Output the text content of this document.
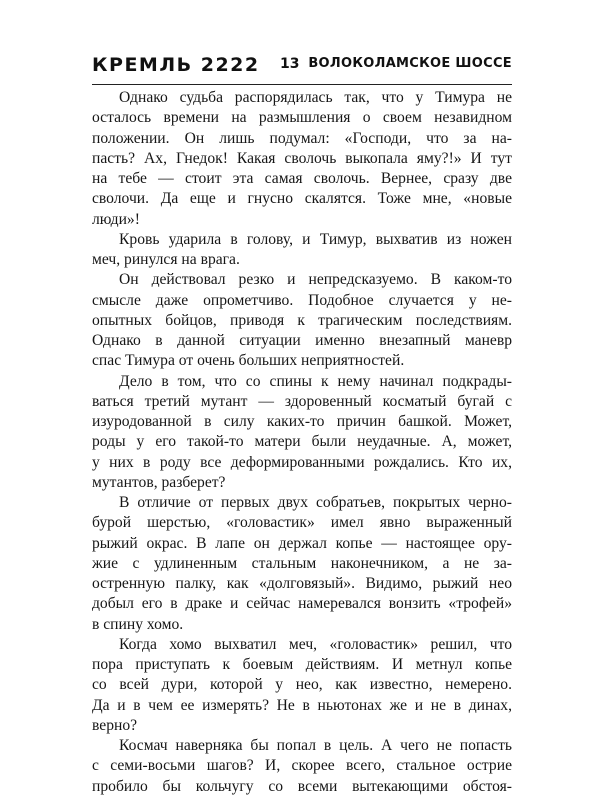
КРЕМЛЬ 2222 13 ВОЛОКОЛАМСКОЕ ШОССЕ
Однако судьба распорядилась так, что у Тимура не
осталось времени на размышления о своем незавидном
положении. Он лишь подумал: «Господи, что за на-
пасть? Ах, Гнедок! Какая сволочь выкопала яму?!» И тут
на тебе — стоит эта самая сволочь. Вернее, сразу две
сволочи. Да еще и гнусно скалятся. Тоже мне, «новые
люди»!
Кровь ударила в голову, и Тимур, выхватив из ножен
меч, ринулся на врага.
Он действовал резко и непредсказуемо. В каком-то
смысле даже опрометчиво. Подобное случается у не-
опытных бойцов, приводя к трагическим последствиям.
Однако в данной ситуации именно внезапный маневр
спас Тимура от очень больших неприятностей.
Дело в том, что со спины к нему начинал подкрады-
ваться третий мутант — здоровенный косматый бугай с
изуродованной в силу каких-то причин башкой. Может,
роды у его такой-то матери были неудачные. А, может,
у них в роду все деформированными рождались. Кто их,
мутантов, разберет?
В отличие от первых двух собратьев, покрытых черно-
бурой шерстью, «головастик» имел явно выраженный
рыжий окрас. В лапе он держал копье — настоящее ору-
жие с удлиненным стальным наконечником, а не за-
остренную палку, как «долговязый». Видимо, рыжий нео
добыл его в драке и сейчас намеревался вонзить «трофей»
в спину хомо.
Когда хомо выхватил меч, «головастик» решил, что
пора приступать к боевым действиям. И метнул копье
со всей дури, которой у нео, как известно, немерено.
Да и в чем ее измерять? Не в ньютонах же и не в динах,
верно?
Космач наверняка бы попал в цель. А чего не попасть
с семи-восьми шагов? И, скорее всего, стальное острие
пробило бы кольчугу со всеми вытекающими обстоя-
